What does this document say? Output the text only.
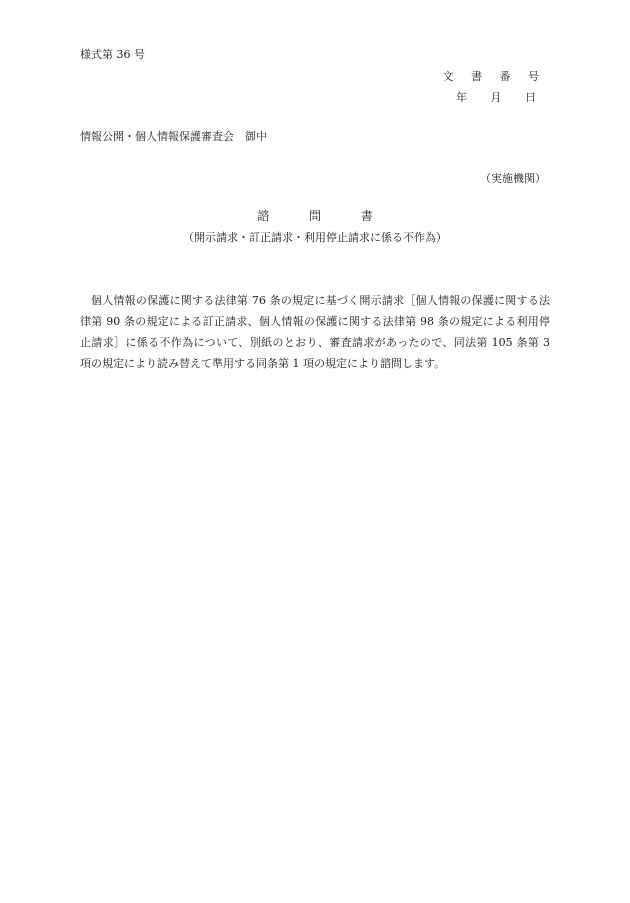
様式第 36 号
文 書 番 号
年 月 日
情報公開・個人情報保護審査会　御中
（実施機関）
諮 問 書
（開示請求・訂正請求・利用停止請求に係る不作為）
個人情報の保護に関する法律第 76 条の規定に基づく開示請求［個人情報の保護に関する法律第 90 条の規定による訂正請求、個人情報の保護に関する法律第 98 条の規定による利用停止請求］に係る不作為について、別紙のとおり、審査請求があったので、同法第 105 条第 3 項の規定により読み替えて準用する同条第 1 項の規定により諮問します。
